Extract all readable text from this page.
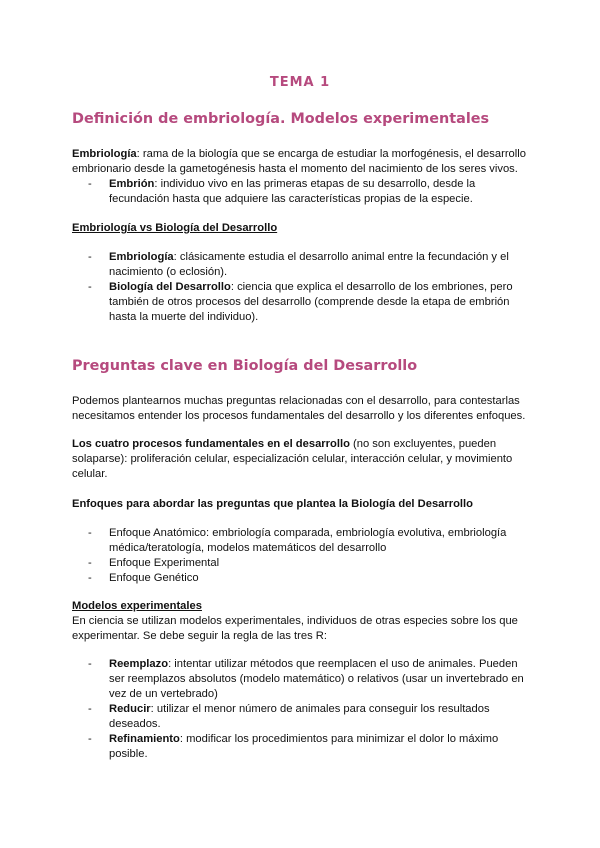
TEMA 1
Definición de embriología. Modelos experimentales

Embriología: rama de la biología que se encarga de estudiar la morfogénesis, el desarrollo embrionario desde la gametogénesis hasta el momento del nacimiento de los seres vivos.

- Embrión: individuo vivo en las primeras etapas de su desarrollo, desde la fecundación hasta que adquiere las características propias de la especie.

Embriología vs Biología del Desarrollo

- Embriología: clásicamente estudia el desarrollo animal entre la fecundación y el nacimiento (o eclosión).
- Biología del Desarrollo: ciencia que explica el desarrollo de los embriones, pero también de otros procesos del desarrollo (comprende desde la etapa de embrión hasta la muerte del individuo).
Preguntas clave en Biología del Desarrollo

Podemos plantearnos muchas preguntas relacionadas con el desarrollo, para contestarlas necesitamos entender los procesos fundamentales del desarrollo y los diferentes enfoques.

Los cuatro procesos fundamentales en el desarrollo (no son excluyentes, pueden solaparse): proliferación celular, especialización celular, interacción celular, y movimiento celular.

Enfoques para abordar las preguntas que plantea la Biología del Desarrollo

- Enfoque Anatómico: embriología comparada, embriología evolutiva, embriología médica/teratología, modelos matemáticos del desarrollo
- Enfoque Experimental
- Enfoque Genético

Modelos experimentales

En ciencia se utilizan modelos experimentales, individuos de otras especies sobre los que experimentar. Se debe seguir la regla de las tres R:

- Reemplazo: intentar utilizar métodos que reemplacen el uso de animales. Pueden ser reemplazos absolutos (modelo matemático) o relativos (usar un invertebrado en vez de un vertebrado)
- Reducir: utilizar el menor número de animales para conseguir los resultados deseados.
- Refinamiento: modificar los procedimientos para minimizar el dolor lo máximo posible.
